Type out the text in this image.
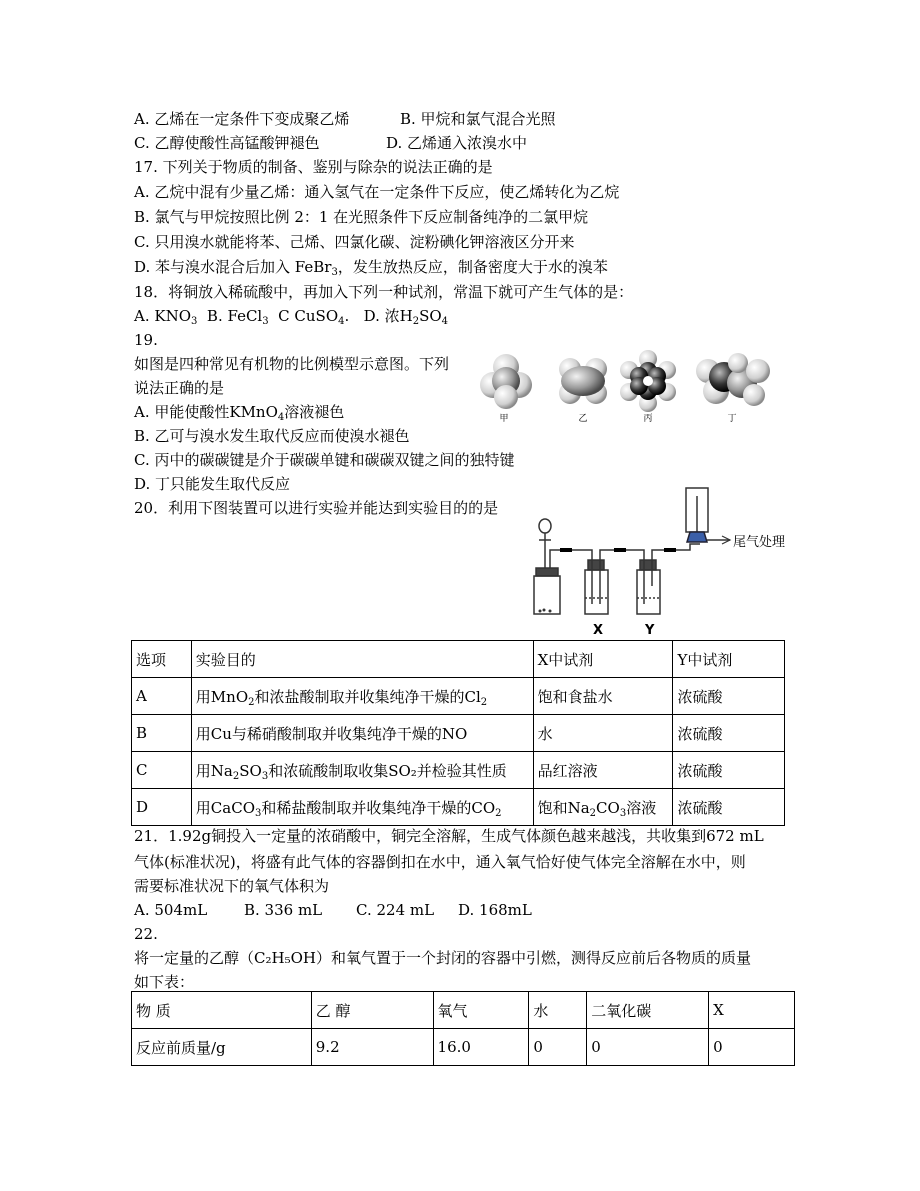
A. 乙烯在一定条件下变成聚乙烯	B. 甲烷和氯气混合光照
C. 乙醇使酸性高锰酸钾褪色	D. 乙烯通入浓溴水中
17. 下列关于物质的制备、鉴别与除杂的说法正确的是
A. 乙烷中混有少量乙烯：通入氢气在一定条件下反应，使乙烯转化为乙烷
B. 氯气与甲烷按照比例 2：1 在光照条件下反应制备纯净的二氯甲烷
C. 只用溴水就能将苯、己烯、四氯化碳、淀粉碘化钾溶液区分开来
D. 苯与溴水混合后加入 FeBr$_3$，发生放热反应，制备密度大于水的溴苯
18．将铜放入稀硫酸中，再加入下列一种试剂，常温下就可产生气体的是：
A. $KNO_3$ B. FeCl$_3$ C CuSO$_4$. D. 浓$H_2SO_4$
19.
如图是四种常见有机物的比例模型示意图。下列
说法正确的是
A. 甲能使酸性KMnO$_4$溶液褪色
B. 乙可与溴水发生取代反应而使溴水褪色
C. 丙中的碳碳键是介于碳碳单键和碳碳双键之间的独特键
D. 丁只能发生取代反应
甲	乙	丙	丁
20．利用下图装置可以进行实验并能达到实验目的的是
尾气处理
X	Y
选项	实验目的	X中试剂	Y中试剂
A	用MnO$_2$和浓盐酸制取并收集纯净干燥的$Cl_2$	饱和食盐水	浓硫酸
B	用Cu与稀硝酸制取并收集纯净干燥的NO	水	浓硫酸
C	用$Na_2SO_3$和浓硫酸制取收集SO₂并检验其性质	品红溶液	浓硫酸
D	用CaCO$_3$和稀盐酸制取并收集纯净干燥的$CO_2$	饱和$Na_2CO_3$溶液	浓硫酸
21．1.92g铜投入一定量的浓硝酸中，铜完全溶解，生成气体颜色越来越浅，共收集到672 mL
气体(标准状况)，将盛有此气体的容器倒扣在水中，通入氧气恰好使气体完全溶解在水中，则
需要标准状况下的氧气体积为
A. 504mL B. 336 mL C. 224 mL D. 168mL
22.
将一定量的乙醇（C₂H₅OH）和氧气置于一个封闭的容器中引燃，测得反应前后各物质的质量
如下表：
物 质	乙 醇	氧气	水	二氧化碳	X
反应前质量/g	9.2	16.0	0	0	0
